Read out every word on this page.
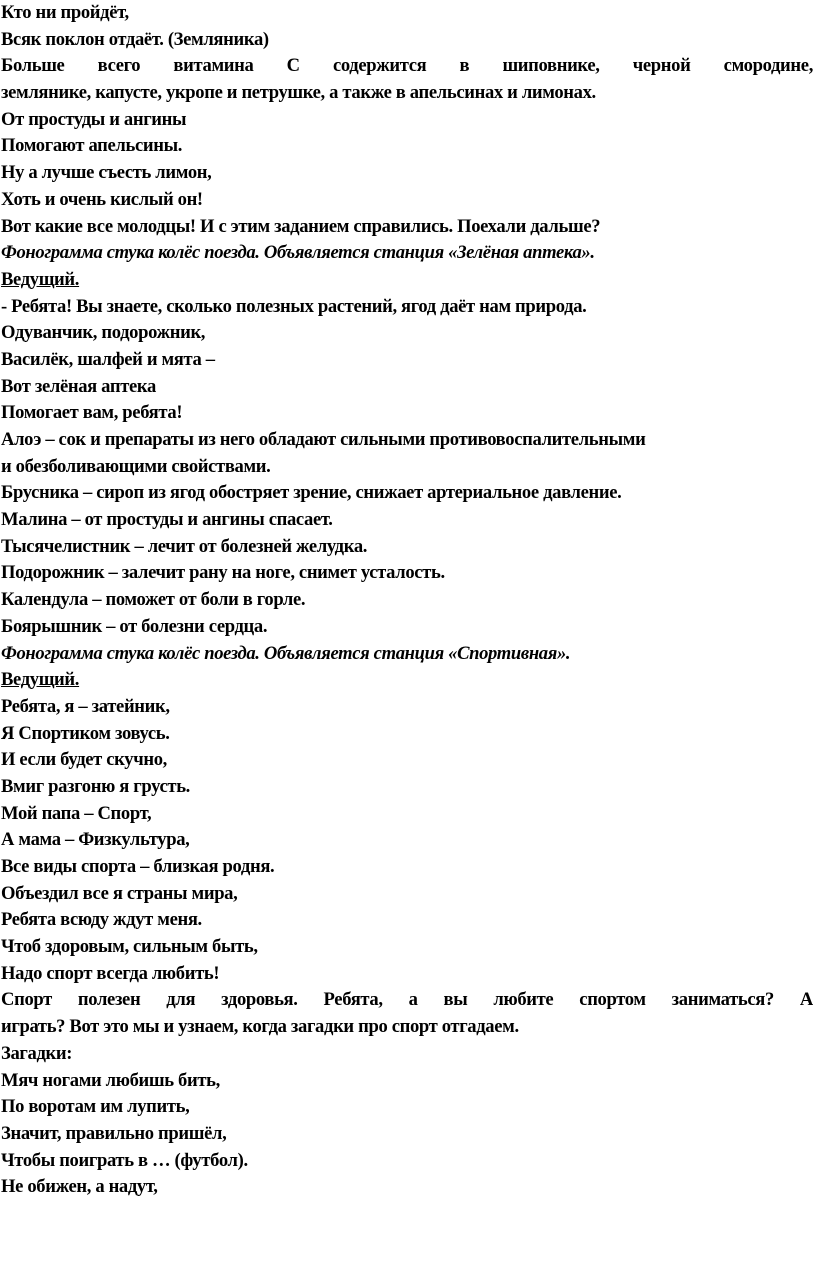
Кто ни пройдёт,
Всяк поклон отдаёт. (Земляника)
Больше всего витамина С содержится в шиповнике, черной смородине,
землянике, капусте, укропе и петрушке, а также в апельсинах и лимонах.
От простуды и ангины
Помогают апельсины.
Ну а лучше съесть лимон,
Хоть и очень кислый он!
Вот какие все молодцы! И с этим заданием справились. Поехали дальше?
Фонограмма стука колёс поезда. Объявляется станция «Зелёная аптека».
Ведущий.
- Ребята! Вы знаете, сколько полезных растений, ягод даёт нам природа.
Одуванчик, подорожник,
Василёк, шалфей и мята –
Вот зелёная аптека
Помогает вам, ребята!
Алоэ – сок и препараты из него обладают сильными противовоспалительными
и обезболивающими свойствами.
Брусника – сироп из ягод обостряет зрение, снижает артериальное давление.
Малина – от простуды и ангины спасает.
Тысячелистник – лечит от болезней желудка.
Подорожник – залечит рану на ноге, снимет усталость.
Календула – поможет от боли в горле.
Боярышник – от болезни сердца.
Фонограмма стука колёс поезда. Объявляется станция «Спортивная».
Ведущий.
Ребята, я – затейник,
Я Спортиком зовусь.
И если будет скучно,
Вмиг разгоню я грусть.
Мой папа – Спорт,
А мама – Физкультура,
Все виды спорта – близкая родня.
Объездил все я страны мира,
Ребята всюду ждут меня.
Чтоб здоровым, сильным быть,
Надо спорт всегда любить!
Спорт полезен для здоровья. Ребята, а вы любите спортом заниматься? А
играть? Вот это мы и узнаем, когда загадки про спорт отгадаем.
Загадки:
Мяч ногами любишь бить,
По воротам им лупить,
Значит, правильно пришёл,
Чтобы поиграть в … (футбол).
Не обижен, а надут,
